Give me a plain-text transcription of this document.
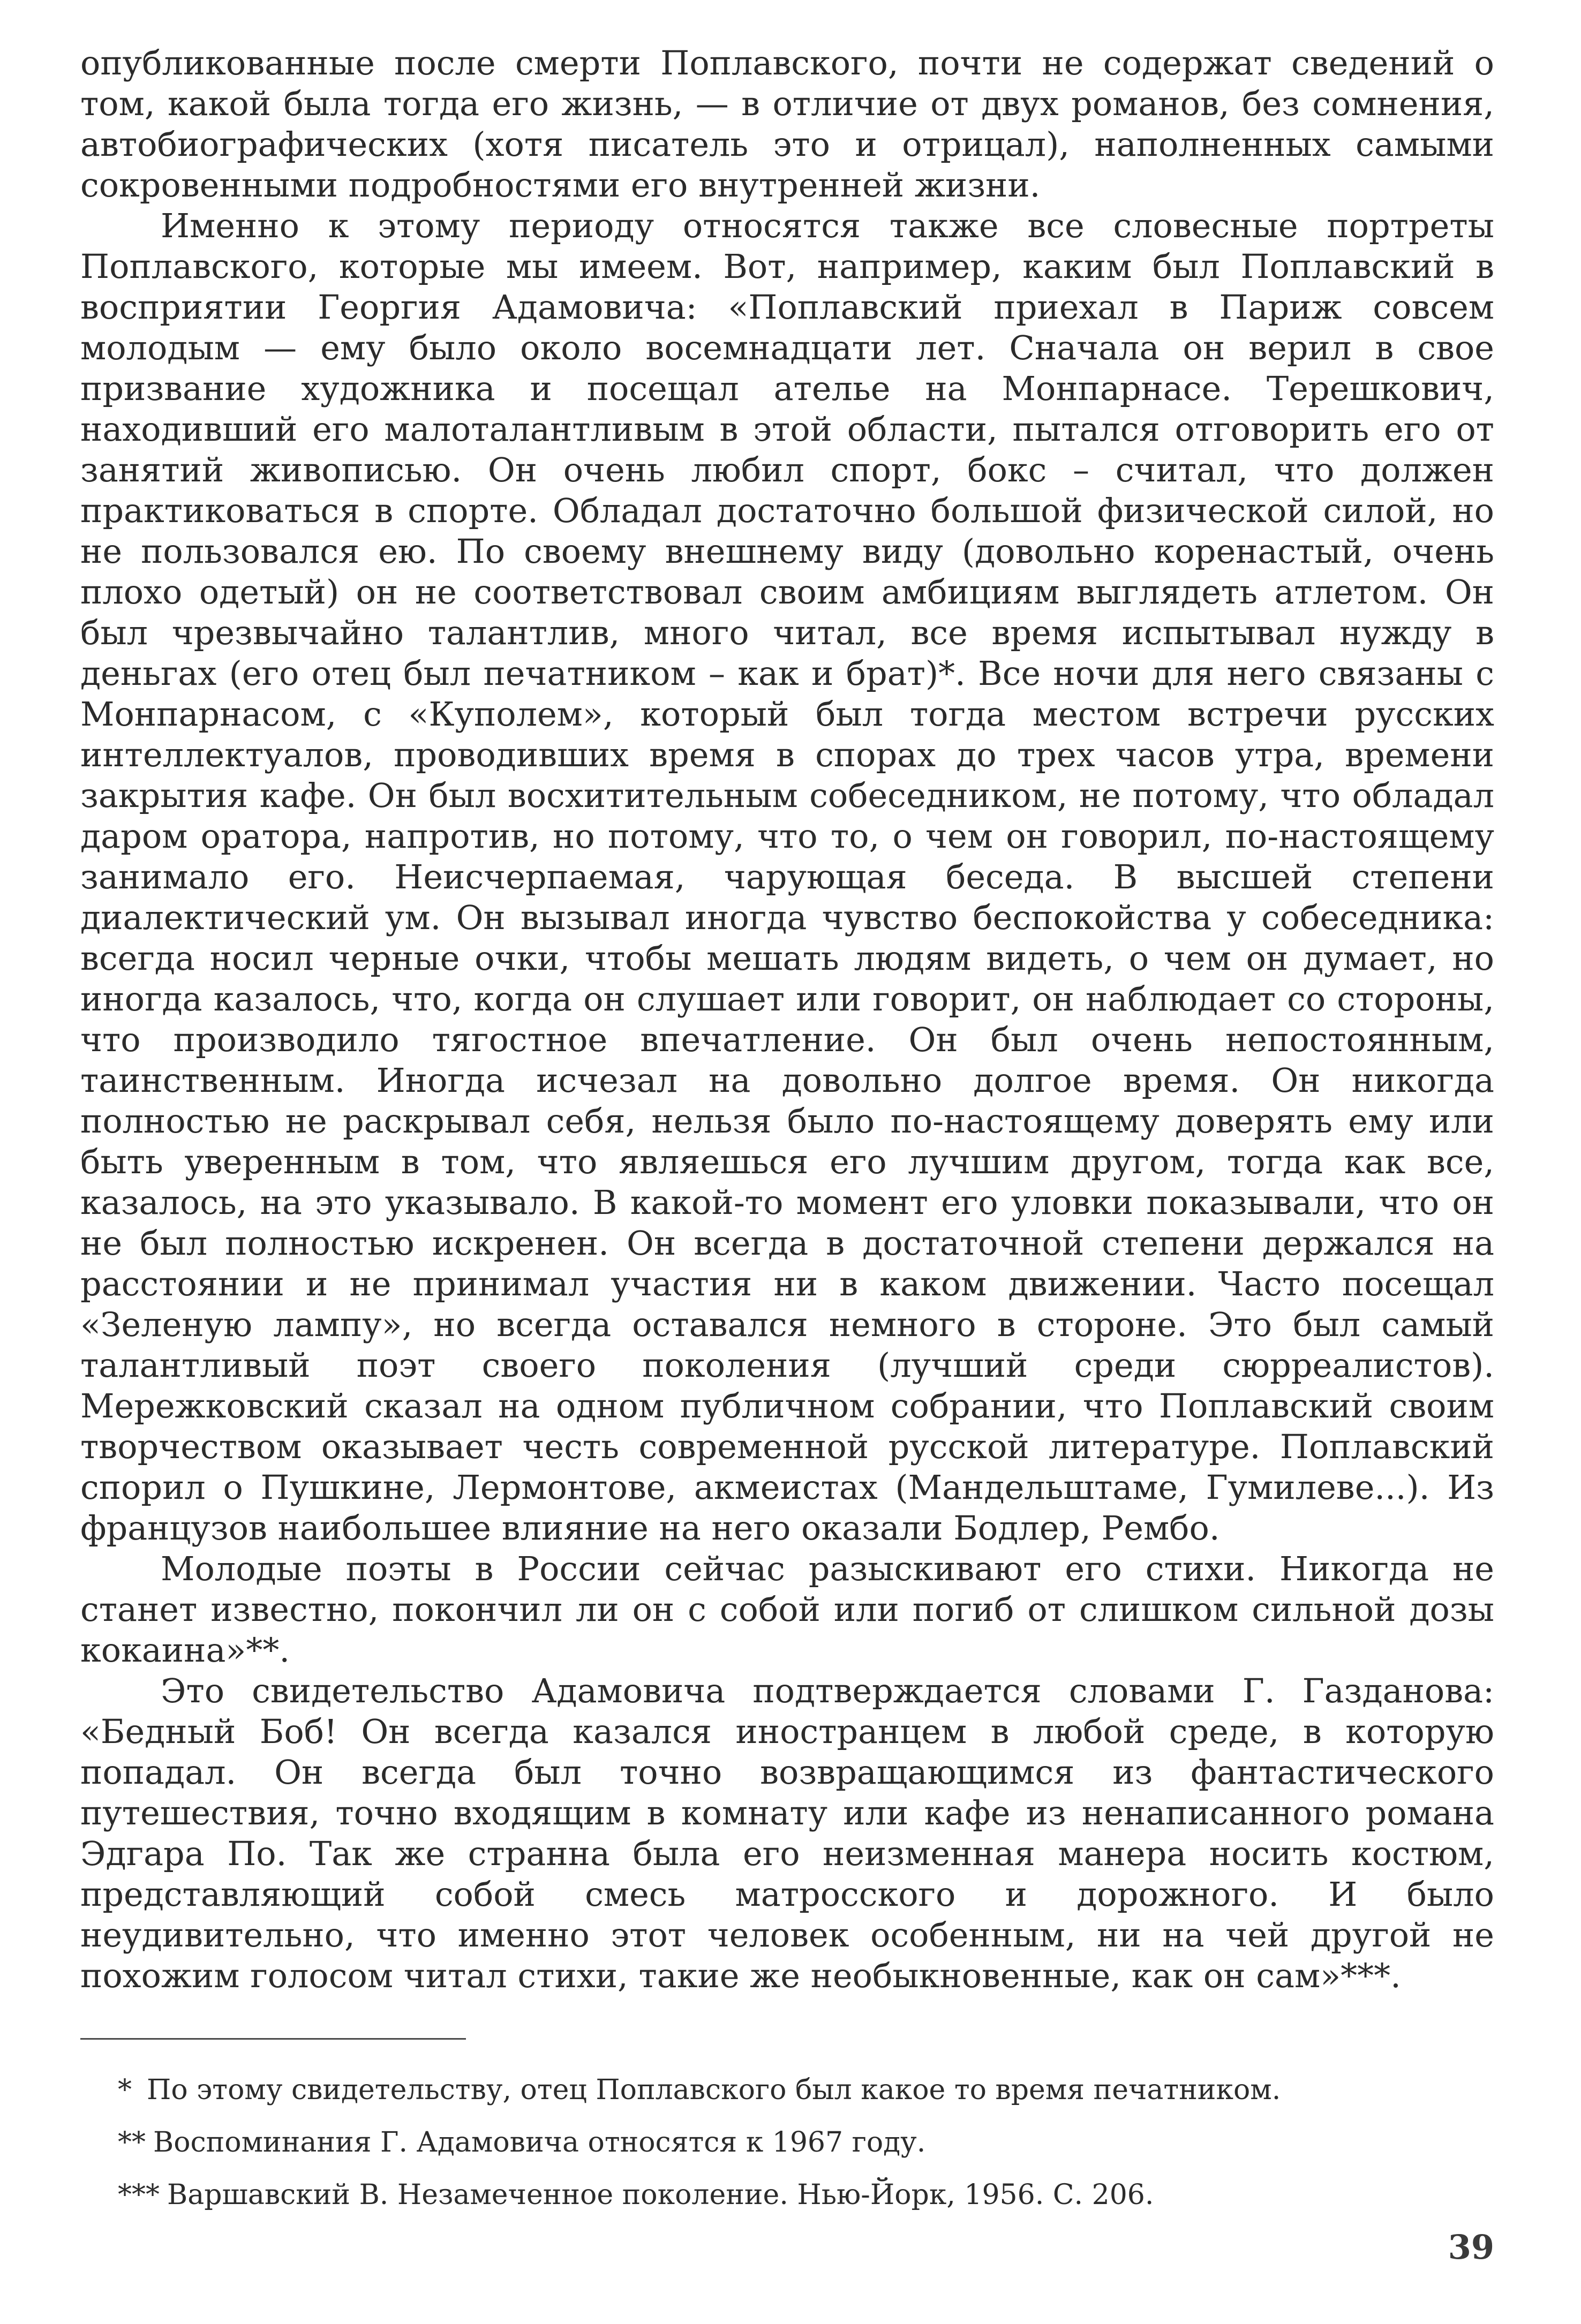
опубликованные после смерти Поплавского, почти не содержат сведений о том, какой была тогда его жизнь, — в отличие от двух романов, без сомнения, автобиографических (хотя писатель это и отрицал), наполненных самыми сокровенными подробностями его внутренней жизни.

Именно к этому периоду относятся также все словесные портреты Поплавского, которые мы имеем. Вот, например, каким был Поплавский в восприятии Георгия Адамовича: «Поплавский приехал в Париж совсем молодым — ему было около восемнадцати лет. Сначала он верил в свое призвание художника и посещал ателье на Монпарнасе. Терешкович, находивший его малоталантливым в этой области, пытался отговорить его от занятий живописью. Он очень любил спорт, бокс – считал, что должен практиковаться в спорте. Обладал достаточно большой физической силой, но не пользовался ею. По своему внешнему виду (довольно коренастый, очень плохо одетый) он не соответствовал своим амбициям выглядеть атлетом. Он был чрезвычайно талантлив, много читал, все время испытывал нужду в деньгах (его отец был печатником – как и брат)*. Все ночи для него связаны с Монпарнасом, с «Куполем», который был тогда местом встречи русских интеллектуалов, проводивших время в спорах до трех часов утра, времени закрытия кафе. Он был восхитительным собеседником, не потому, что обладал даром оратора, напротив, но потому, что то, о чем он говорил, по-настоящему занимало его. Неисчерпаемая, чарующая беседа. В высшей степени диалектический ум. Он вызывал иногда чувство беспокойства у собеседника: всегда носил черные очки, чтобы мешать людям видеть, о чем он думает, но иногда казалось, что, когда он слушает или говорит, он наблюдает со стороны, что производило тягостное впечатление. Он был очень непостоянным, таинственным. Иногда исчезал на довольно долгое время. Он никогда полностью не раскрывал себя, нельзя было по-настоящему доверять ему или быть уверенным в том, что являешься его лучшим другом, тогда как все, казалось, на это указывало. В какой-то момент его уловки показывали, что он не был полностью искренен. Он всегда в достаточной степени держался на расстоянии и не принимал участия ни в каком движении. Часто посещал «Зеленую лампу», но всегда оставался немного в стороне. Это был самый талантливый поэт своего поколения (лучший среди сюрреалистов). Мережковский сказал на одном публичном собрании, что Поплавский своим творчеством оказывает честь современной русской литературе. Поплавский спорил о Пушкине, Лермонтове, акмеистах (Мандельштаме, Гумилеве...). Из французов наибольшее влияние на него оказали Бодлер, Рембо.

Молодые поэты в России сейчас разыскивают его стихи. Никогда не станет известно, покончил ли он с собой или погиб от слишком сильной дозы кокаина»**.

Это свидетельство Адамовича подтверждается словами Г. Газданова: «Бедный Боб! Он всегда казался иностранцем в любой среде, в которую попадал. Он всегда был точно возвращающимся из фантастического путешествия, точно входящим в комнату или кафе из ненаписанного романа Эдгара По. Так же странна была его неизменная манера носить костюм, представляющий собой смесь матросского и дорожного. И было неудивительно, что именно этот человек особенным, ни на чей другой не похожим голосом читал стихи, такие же необыкновенные, как он сам»***.

* По этому свидетельству, отец Поплавского был какое то время печатником.

** Воспоминания Г. Адамовича относятся к 1967 году.

*** Варшавский В. Незамеченное поколение. Нью-Йорк, 1956. С. 206.

39
